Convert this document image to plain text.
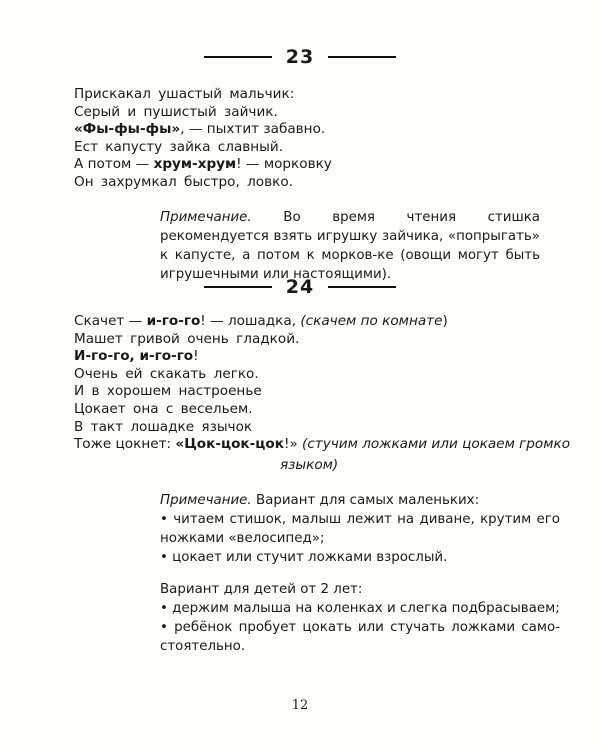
23
Прискакал ушастый мальчик:
Серый и пушистый зайчик.
«Фы-фы-фы», — пыхтит забавно.
Ест капусту зайка славный.
А потом — хрум-хрум! — морковку
Он захрумкал быстро, ловко.
Примечание. Во время чтения стишка рекомендуется взять игрушку зайчика, «попрыгать» к капусте, а потом к морков-ке (овощи могут быть игрушечными или настоящими).
24
Скачет — и-го-го! — лошадка, (скачем по комнате)
Машет гривой очень гладкой.
И-го-го, и-го-го!
Очень ей скакать легко.
И в хорошем настроенье
Цокает она с весельем.
В такт лошадке язычок
Тоже цокнет: «Цок-цок-цок!» (стучим ложками или цокаем громко
языком)
Примечание. Вариант для самых маленьких:
• читаем стишок, малыш лежит на диване, крутим его ножками «велосипед»;
• цокает или стучит ложками взрослый.
Вариант для детей от 2 лет:
• держим малыша на коленках и слегка подбрасываем;
• ребёнок пробует цокать или стучать ложками само-стоятельно.
12
